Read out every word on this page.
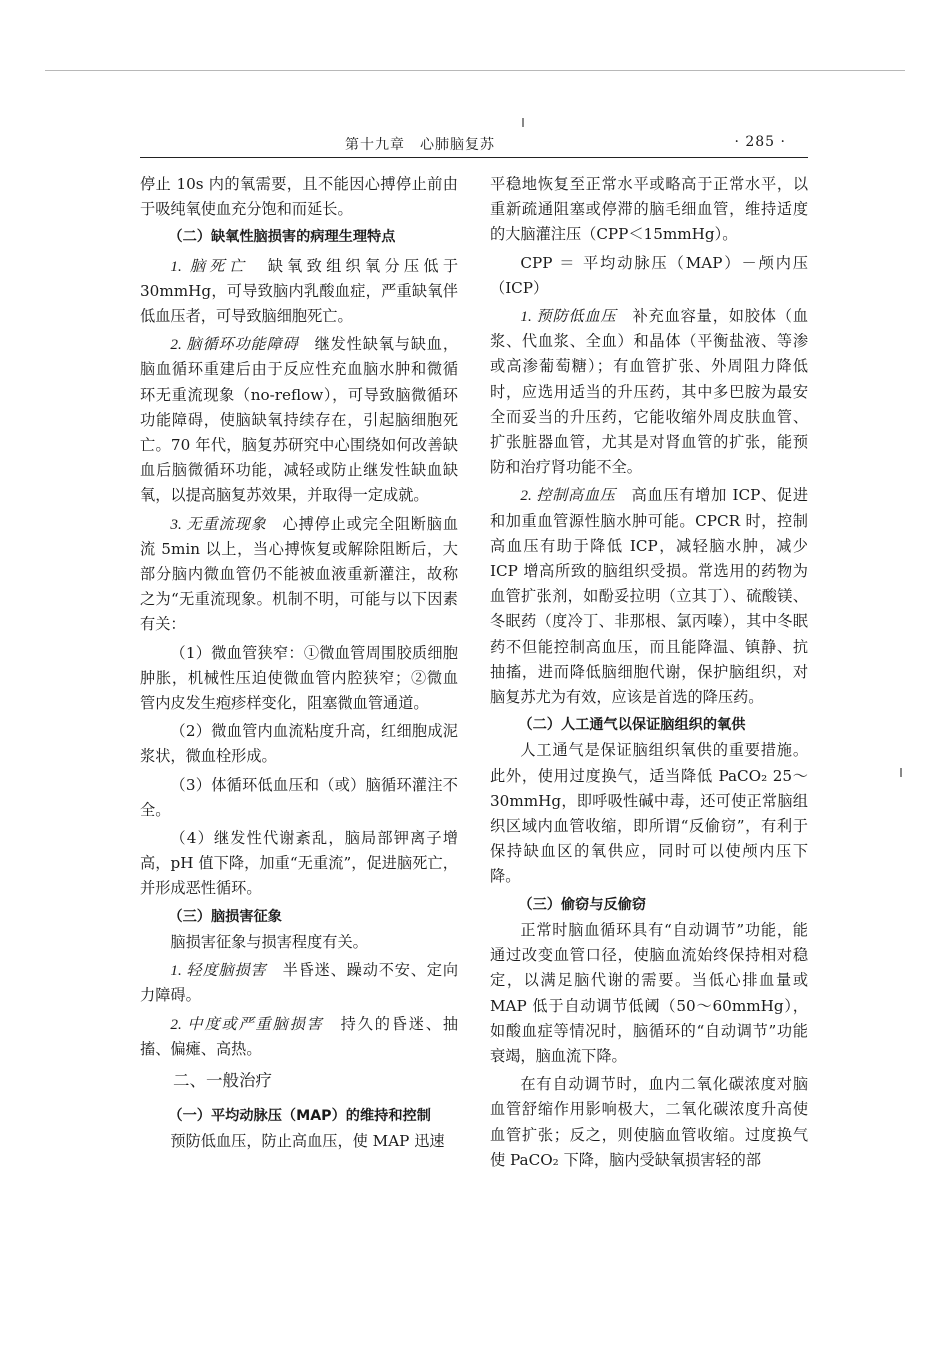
第十九章　心肺脑复苏	· 285 ·

停止 10s 内的氧需要，且不能因心搏停止前由于吸纯氧使血充分饱和而延长。

（二）缺氧性脑损害的病理生理特点

1. 脑死亡　缺氧致组织氧分压低于 30mmHg，可导致脑内乳酸血症，严重缺氧伴低血压者，可导致脑细胞死亡。

2. 脑循环功能障碍　继发性缺氧与缺血，脑血循环重建后由于反应性充血脑水肿和微循环无重流现象（no-reflow），可导致脑微循环功能障碍，使脑缺氧持续存在，引起脑细胞死亡。70 年代，脑复苏研究中心围绕如何改善缺血后脑微循环功能，减轻或防止继发性缺血缺氧，以提高脑复苏效果，并取得一定成就。

3. 无重流现象　心搏停止或完全阻断脑血流 5min 以上，当心搏恢复或解除阻断后，大部分脑内微血管仍不能被血液重新灌注，故称之为“无重流现象。机制不明，可能与以下因素有关：

（1）微血管狭窄：①微血管周围胶质细胞肿胀，机械性压迫使微血管内腔狭窄；②微血管内皮发生疱疹样变化，阻塞微血管通道。

（2）微血管内血流粘度升高，红细胞成泥浆状，微血栓形成。

（3）体循环低血压和（或）脑循环灌注不全。

（4）继发性代谢紊乱，脑局部钾离子增高，pH 值下降，加重“无重流”，促进脑死亡，并形成恶性循环。

（三）脑损害征象

脑损害征象与损害程度有关。

1. 轻度脑损害　半昏迷、躁动不安、定向力障碍。

2. 中度或严重脑损害　持久的昏迷、抽搐、偏瘫、高热。

二、一般治疗

（一）平均动脉压（MAP）的维持和控制

预防低血压，防止高血压，使 MAP 迅速

平稳地恢复至正常水平或略高于正常水平，以重新疏通阻塞或停滞的脑毛细血管，维持适度的大脑灌注压（CPP＜15mmHg）。

CPP ＝ 平均动脉压（MAP）－颅内压（ICP）

1. 预防低血压　补充血容量，如胶体（血浆、代血浆、全血）和晶体（平衡盐液、等渗或高渗葡萄糖）；有血管扩张、外周阻力降低时，应选用适当的升压药，其中多巴胺为最安全而妥当的升压药，它能收缩外周皮肤血管、扩张脏器血管，尤其是对肾血管的扩张，能预防和治疗肾功能不全。

2. 控制高血压　高血压有增加 ICP、促进和加重血管源性脑水肿可能。CPCR 时，控制高血压有助于降低 ICP，减轻脑水肿，减少 ICP 增高所致的脑组织受损。常选用的药物为血管扩张剂，如酚妥拉明（立其丁）、硫酸镁、冬眠药（度冷丁、非那根、氯丙嗪），其中冬眠药不但能控制高血压，而且能降温、镇静、抗抽搐，进而降低脑细胞代谢，保护脑组织，对脑复苏尤为有效，应该是首选的降压药。

（二）人工通气以保证脑组织的氧供

人工通气是保证脑组织氧供的重要措施。此外，使用过度换气，适当降低 PaCO₂ 25～30mmHg，即呼吸性碱中毒，还可使正常脑组织区域内血管收缩，即所谓“反偷窃”，有利于保持缺血区的氧供应，同时可以使颅内压下降。

（三）偷窃与反偷窃

正常时脑血循环具有“自动调节”功能，能通过改变血管口径，使脑血流始终保持相对稳定，以满足脑代谢的需要。当低心排血量或 MAP 低于自动调节低阈（50～60mmHg），如酸血症等情况时，脑循环的“自动调节”功能衰竭，脑血流下降。

在有自动调节时，血内二氧化碳浓度对脑血管舒缩作用影响极大，二氧化碳浓度升高使血管扩张；反之，则使脑血管收缩。过度换气使 PaCO₂ 下降，脑内受缺氧损害轻的部
